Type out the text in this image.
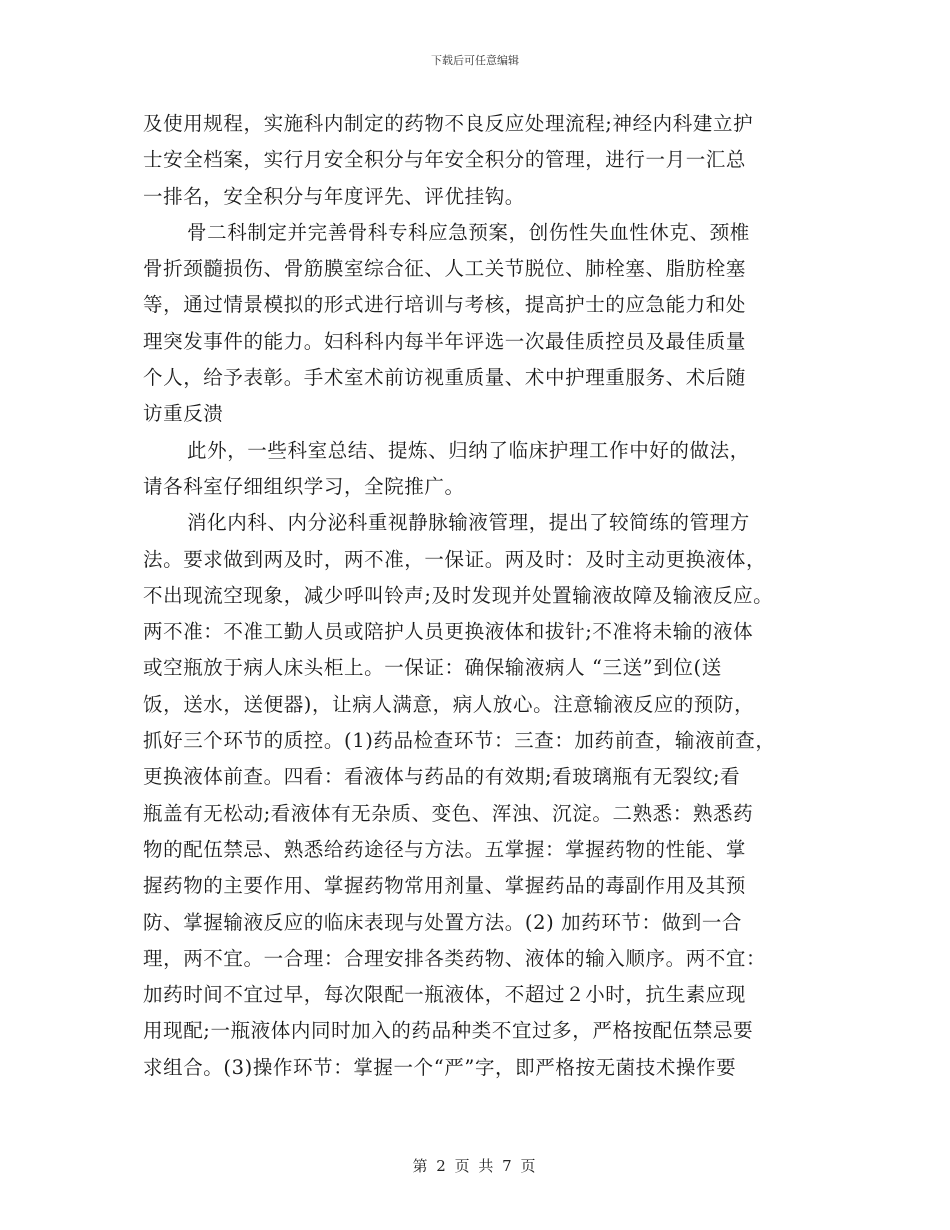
下载后可任意编辑
及使用规程，实施科内制定的药物不良反应处理流程;神经内科建立护
士安全档案，实行月安全积分与年安全积分的管理，进行一月一汇总
一排名，安全积分与年度评先、评优挂钩。
骨二科制定并完善骨科专科应急预案，创伤性失血性休克、颈椎
骨折颈髓损伤、骨筋膜室综合征、人工关节脱位、肺栓塞、脂肪栓塞
等，通过情景模拟的形式进行培训与考核，提高护士的应急能力和处
理突发事件的能力。妇科科内每半年评选一次最佳质控员及最佳质量
个人，给予表彰。手术室术前访视重质量、术中护理重服务、术后随
访重反溃
此外，一些科室总结、提炼、归纳了临床护理工作中好的做法，
请各科室仔细组织学习，全院推广。
消化内科、内分泌科重视静脉输液管理，提出了较简练的管理方
法。要求做到两及时，两不准，一保证。两及时：及时主动更换液体，
不出现流空现象，减少呼叫铃声;及时发现并处置输液故障及输液反应。
两不准：不准工勤人员或陪护人员更换液体和拔针;不准将未输的液体
或空瓶放于病人床头柜上。一保证：确保输液病人 “三送”到位(送
饭，送水，送便器)，让病人满意，病人放心。注意输液反应的预防，
抓好三个环节的质控。(1)药品检查环节：三查：加药前查，输液前查，
更换液体前查。四看：看液体与药品的有效期;看玻璃瓶有无裂纹;看
瓶盖有无松动;看液体有无杂质、变色、浑浊、沉淀。二熟悉：熟悉药
物的配伍禁忌、熟悉给药途径与方法。五掌握：掌握药物的性能、掌
握药物的主要作用、掌握药物常用剂量、掌握药品的毒副作用及其预
防、掌握输液反应的临床表现与处置方法。(2) 加药环节：做到一合
理，两不宜。一合理：合理安排各类药物、液体的输入顺序。两不宜：
加药时间不宜过早，每次限配一瓶液体，不超过２小时，抗生素应现
用现配;一瓶液体内同时加入的药品种类不宜过多，严格按配伍禁忌要
求组合。(3)操作环节：掌握一个“严”字，即严格按无菌技术操作要
第 2 页 共 7 页
